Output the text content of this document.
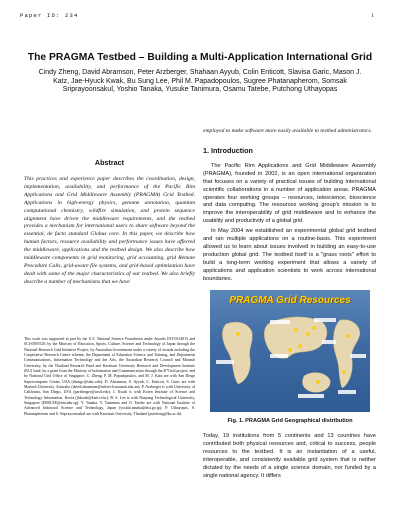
Paper ID: 234	1
The PRAGMA Testbed – Building a Multi-Application International Grid
Cindy Zheng, David Abramson, Peter Arzberger, Shahaan Ayyub, Colin Enticott, Slavisa Garic, Mason J. Katz, Jae-Hyuck Kwak, Bu Sung Lee, Phil M. Papadopoulos, Sugree Phatanapherom, Somsak Sriprayoonsakul, Yoshio Tanaka, Yusuke Tanimura, Osamu Tatebe, Putchong Uthayopas
Abstract

This practices and experience paper describes the coordination, design, implementation, availability, and performance of the Pacific Rim Applications and Grid Middleware Assembly (PRAGMA) Grid Testbed. Applications in high-energy physics, genome annotation, quantum computational chemistry, wildfire simulation, and protein sequence alignment have driven the middleware requirements, and the testbed provides a mechanism for international users to share software beyond the essential, de facto standard Globus core. In this paper, we describe how human factors, resource availability and performance issues have affected the middleware, applications and the testbed design. We also describe how middleware components in grid monitoring, grid accounting, grid Remote Procedure Calls, grid-aware file systems, and grid-based optimization have dealt with some of the major characteristics of our testbed. We also briefly describe a number of mechanisms that we have

This work was supported in part by the U.S. National Science Foundation under Awards INT-0314015 and SCI-0505520; by the Ministry of Education, Sports, Culture, Science and Technology of Japan through the National Research Grid Initiative Project; by Australian Government under a variety of awards including the Cooperative Research Centre scheme, the Department of Education Science and Training, and Department Communications, Information Technology and the Arts, the Australian Research Council and Monash University; by the Thailand Research Fund and Kasetsart University Research and Development Institute (KU) fund; by a grant from the Ministry of Information and Communication through the K*Grid project; and by National Grid Office of Singapore. C. Zheng, P. M. Papadopoulos, and M. J. Katz are with San Diego Supercomputer Center, USA (zhengc@sdsc.edu); D. Abramson, S. Ayyub, C. Enticott, S. Garic are with Monash University, Australia (david.abramson@infotech.monash.edu.au); P. Arzberger is with University of California, San Diego, USA (parzberger@ucsd.edu); J. Kwak is with Korea Institute of Science and Technology Information, Korea (jhkwak@kisti.re.kr); B. S. Lee is with Nanyang Technological University, Singapore (EBSLEE@ntu.edu.sg); Y. Tanaka, Y. Tanimura and O. Tatebe are with National Institute of Advanced Industrial Science and Technology, Japan (yoshio.tanaka@aist.go.jp); P. Uthayopas, S. Phatanapherom and S. Sriprayoonsakul are with Kasetsart University, Thailand (putchong@ku.ac.th).

employed to make software more easily available to testbed administrators.

1. Introduction

The Pacific Rim Applications and Grid Middleware Assembly (PRAGMA), founded in 2002, is an open international organization that focuses on a variety of practical issues of building international scientific collaborations in a number of application areas. PRAGMA operates four working groups – resources, telescience, bioscience and data computing. The resources working group's mission is to improve the interoperability of grid middleware and to enhance the usability and productivity of a global grid.

In May 2004 we established an experimental global grid testbed and ran multiple applications on a routine-basis. This experiment allowed us to learn about issues involved in building an easy-to-use production global grid. The testbed itself is a "grass roots" effort to build a long-term working experiment that allows a variety of applications and application scientists to work across international boundaries.

PRAGMA Grid Resources
Fig. 1. PRAGMA Grid Geographical distribution

Today, 19 institutions from 5 continents and 13 countries have contributed both physical resources and, critical to success, people resources to the testbed. It is an instantiation of a useful, interoperable, and consistently available grid system that is neither dictated by the needs of a single science domain, nor funded by a single national agency. It differs
